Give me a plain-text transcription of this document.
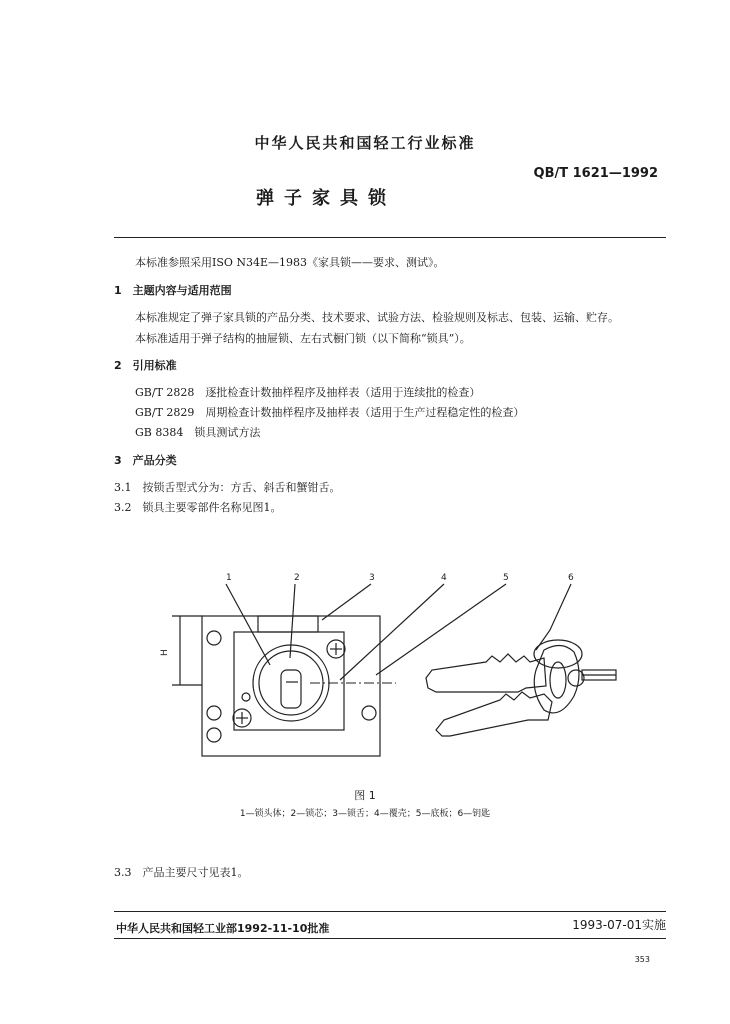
中华人民共和国轻工行业标准
QB/T 1621—1992
弹子家具锁
本标准参照采用ISO N34E—1983《家具锁——要求、测试》。
1　主题内容与适用范围
本标准规定了弹子家具锁的产品分类、技术要求、试验方法、检验规则及标志、包装、运输、贮存。
本标准适用于弹子结构的抽屉锁、左右式橱门锁（以下简称“锁具”）。
2　引用标准
GB/T 2828　逐批检查计数抽样程序及抽样表（适用于连续批的检查）
GB/T 2829　周期检查计数抽样程序及抽样表（适用于生产过程稳定性的检查）
GB 8384　锁具测试方法
3　产品分类
3.1　按锁舌型式分为：方舌、斜舌和蟹钳舌。
3.2　锁具主要零部件名称见图1。
1	2	3	4	5	6
H
图 1
1—锁头体；2—锁芯；3—锁舌；4—覆壳；5—底板；6—钥匙
3.3　产品主要尺寸见表1。
中华人民共和国轻工业部1992-11-10批准	1993-07-01实施
353
